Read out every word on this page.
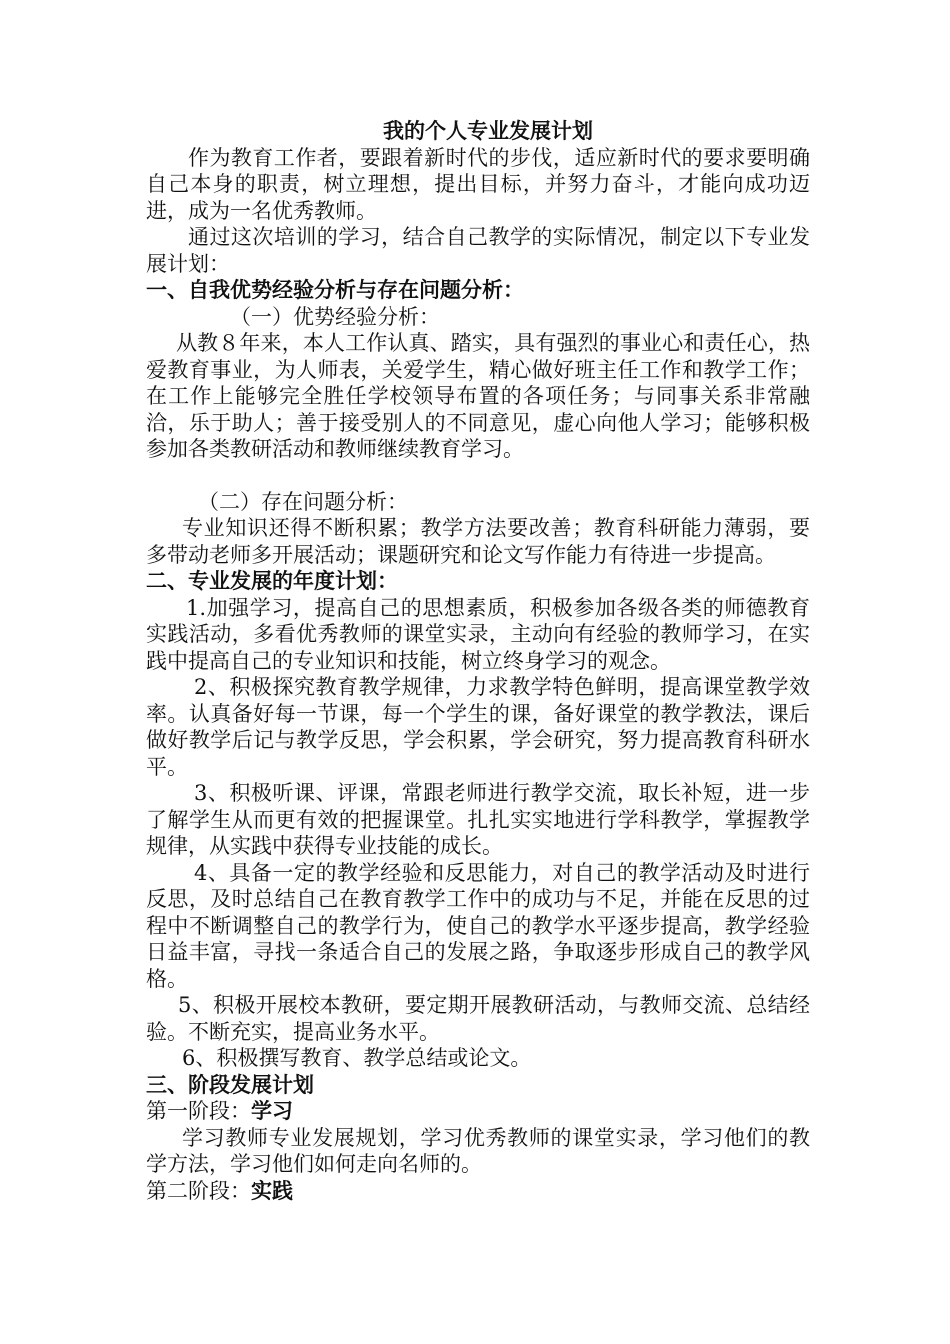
我的个人专业发展计划

作为教育工作者，要跟着新时代的步伐，适应新时代的要求要明确自己本身的职责，树立理想，提出目标，并努力奋斗，才能向成功迈进，成为一名优秀教师。

通过这次培训的学习，结合自己教学的实际情况，制定以下专业发展计划：

一、自我优势经验分析与存在问题分析：

（一）优势经验分析：

从教８年来，本人工作认真、踏实，具有强烈的事业心和责任心，热爱教育事业，为人师表，关爱学生，精心做好班主任工作和教学工作；在工作上能够完全胜任学校领导布置的各项任务；与同事关系非常融洽，乐于助人；善于接受别人的不同意见，虚心向他人学习；能够积极参加各类教研活动和教师继续教育学习。

（二）存在问题分析：

专业知识还得不断积累；教学方法要改善；教育科研能力薄弱，要多带动老师多开展活动；课题研究和论文写作能力有待进一步提高。

二、专业发展的年度计划：

1.加强学习，提高自己的思想素质，积极参加各级各类的师德教育实践活动，多看优秀教师的课堂实录，主动向有经验的教师学习，在实践中提高自己的专业知识和技能，树立终身学习的观念。

2、积极探究教育教学规律，力求教学特色鲜明，提高课堂教学效率。认真备好每一节课，每一个学生的课，备好课堂的教学教法，课后做好教学后记与教学反思，学会积累，学会研究，努力提高教育科研水平。

3、积极听课、评课，常跟老师进行教学交流，取长补短，进一步了解学生从而更有效的把握课堂。扎扎实实地进行学科教学，掌握教学规律，从实践中获得专业技能的成长。

4、具备一定的教学经验和反思能力，对自己的教学活动及时进行反思，及时总结自己在教育教学工作中的成功与不足，并能在反思的过程中不断调整自己的教学行为，使自己的教学水平逐步提高，教学经验日益丰富，寻找一条适合自己的发展之路，争取逐步形成自己的教学风格。

5、积极开展校本教研，要定期开展教研活动，与教师交流、总结经验。不断充实，提高业务水平。

6、积极撰写教育、教学总结或论文。

三、阶段发展计划

第一阶段：学习

学习教师专业发展规划，学习优秀教师的课堂实录，学习他们的教学方法，学习他们如何走向名师的。

第二阶段：实践
